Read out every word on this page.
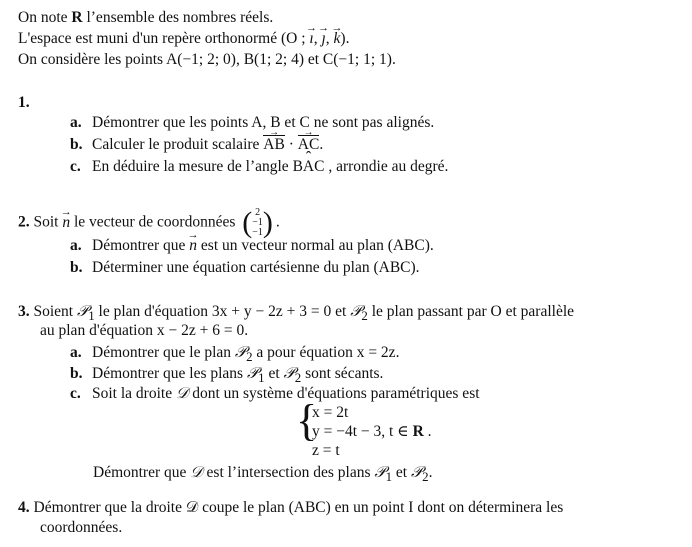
On note R l’ensemble des nombres réels.
L'espace est muni d'un repère orthonormé (O ; → ı, → ȷ, → k).
On considère les points A(−1; 2; 0), B(1; 2; 4) et C(−1; 1; 1).
1.
a. Démontrer que les points A, B et C ne sont pas alignés.
b. Calculer le produit scalaire AB → · AC →.
c. En déduire la mesure de l’angle ˆ BAC , arrondie au degré.
2. Soit → n le vecteur de coordonnées ( 2
−1
−1) .
a. Démontrer que → n est un vecteur normal au plan (ABC).
b. Déterminer une équation cartésienne du plan (ABC).
3. Soient 𝒫$_1$ le plan d'équation 3x + y − 2z + 3 = 0 et 𝒫$_2$ le plan passant par O et parallèle
au plan d'équation x − 2z + 6 = 0.
a. Démontrer que le plan 𝒫$_2$ a pour équation x = 2z.
b. Démontrer que les plans 𝒫$_1$ et 𝒫$_2$ sont sécants.
c. Soit la droite 𝒟 dont un système d'équations paramétriques est
{
x = 2t
y = −4t − 3, t ∈ R .
z = t
Démontrer que 𝒟 est l’intersection des plans 𝒫$_1$ et 𝒫$_2$.
4. Démontrer que la droite 𝒟 coupe le plan (ABC) en un point I dont on déterminera les
coordonnées.
